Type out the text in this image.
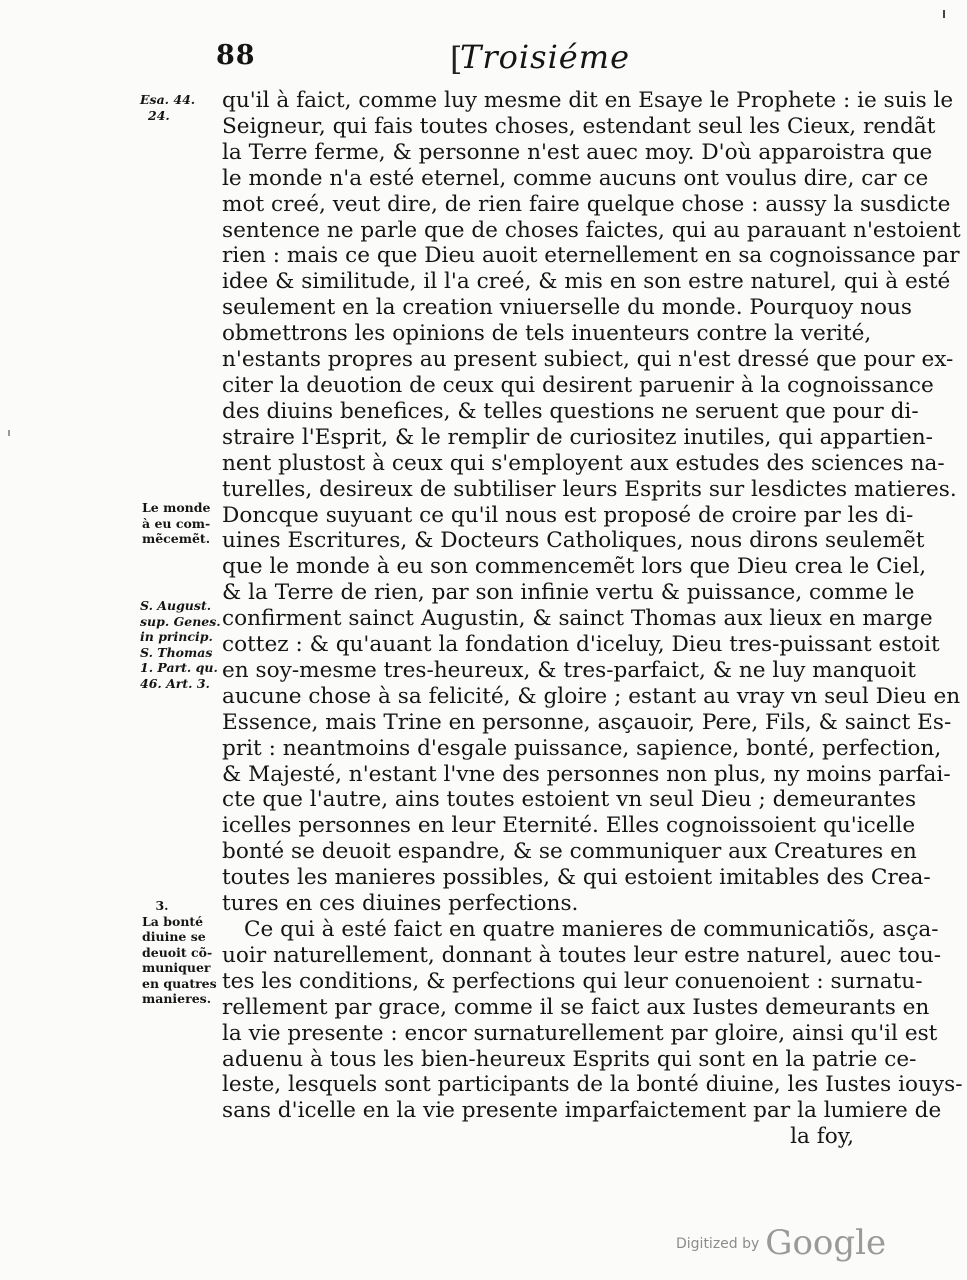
88	[
Troisiéme
Esa. 44.
24.
Le monde
à eu com-
mẽcemẽt.
S. August.
sup. Genes.
in princip.
S. Thomas
1. Part. qu.
46. Art. 3.
3.
La bonté
diuine se
deuoit cõ-
muniquer
en quatres
manieres.
qu'il à faict, comme luy mesme dit en Esaye le Prophete : ie suis le
Seigneur, qui fais toutes choses, estendant seul les Cieux, rendãt
la Terre ferme, & personne n'est auec moy. D'où apparoistra que
le monde n'a esté eternel, comme aucuns ont voulus dire, car ce
mot creé, veut dire, de rien faire quelque chose : aussy la susdicte
sentence ne parle que de choses faictes, qui au parauant n'estoient
rien : mais ce que Dieu auoit eternellement en sa cognoissance par
idee & similitude, il l'a creé, & mis en son estre naturel, qui à esté
seulement en la creation vniuerselle du monde. Pourquoy nous
obmettrons les opinions de tels inuenteurs contre la verité,
n'estants propres au present subiect, qui n'est dressé que pour ex-
citer la deuotion de ceux qui desirent paruenir à la cognoissance
des diuins benefices, & telles questions ne seruent que pour di-
straire l'Esprit, & le remplir de curiositez inutiles, qui appartien-
nent plustost à ceux qui s'employent aux estudes des sciences na-
turelles, desireux de subtiliser leurs Esprits sur lesdictes matieres.
Doncque suyuant ce qu'il nous est proposé de croire par les di-
uines Escritures, & Docteurs Catholiques, nous dirons seulemẽt
que le monde à eu son commencemẽt lors que Dieu crea le Ciel,
& la Terre de rien, par son infinie vertu & puissance, comme le
confirment sainct Augustin, & sainct Thomas aux lieux en marge
cottez : & qu'auant la fondation d'iceluy, Dieu tres-puissant estoit
en soy-mesme tres-heureux, & tres-parfaict, & ne luy manquoit
aucune chose à sa felicité, & gloire ; estant au vray vn seul Dieu en
Essence, mais Trine en personne, asçauoir, Pere, Fils, & sainct Es-
prit : neantmoins d'esgale puissance, sapience, bonté, perfection,
& Majesté, n'estant l'vne des personnes non plus, ny moins parfai-
cte que l'autre, ains toutes estoient vn seul Dieu ; demeurantes
icelles personnes en leur Eternité. Elles cognoissoient qu'icelle
bonté se deuoit espandre, & se communiquer aux Creatures en
toutes les manieres possibles, & qui estoient imitables des Crea-
tures en ces diuines perfections.
Ce qui à esté faict en quatre manieres de communicatiõs, asça-
uoir naturellement, donnant à toutes leur estre naturel, auec tou-
tes les conditions, & perfections qui leur conuenoient : surnatu-
rellement par grace, comme il se faict aux Iustes demeurants en
la vie presente : encor surnaturellement par gloire, ainsi qu'il est
aduenu à tous les bien-heureux Esprits qui sont en la patrie ce-
leste, lesquels sont participants de la bonté diuine, les Iustes iouys-
sans d'icelle en la vie presente imparfaictement par la lumiere de
la foy,
Digitized by Google
